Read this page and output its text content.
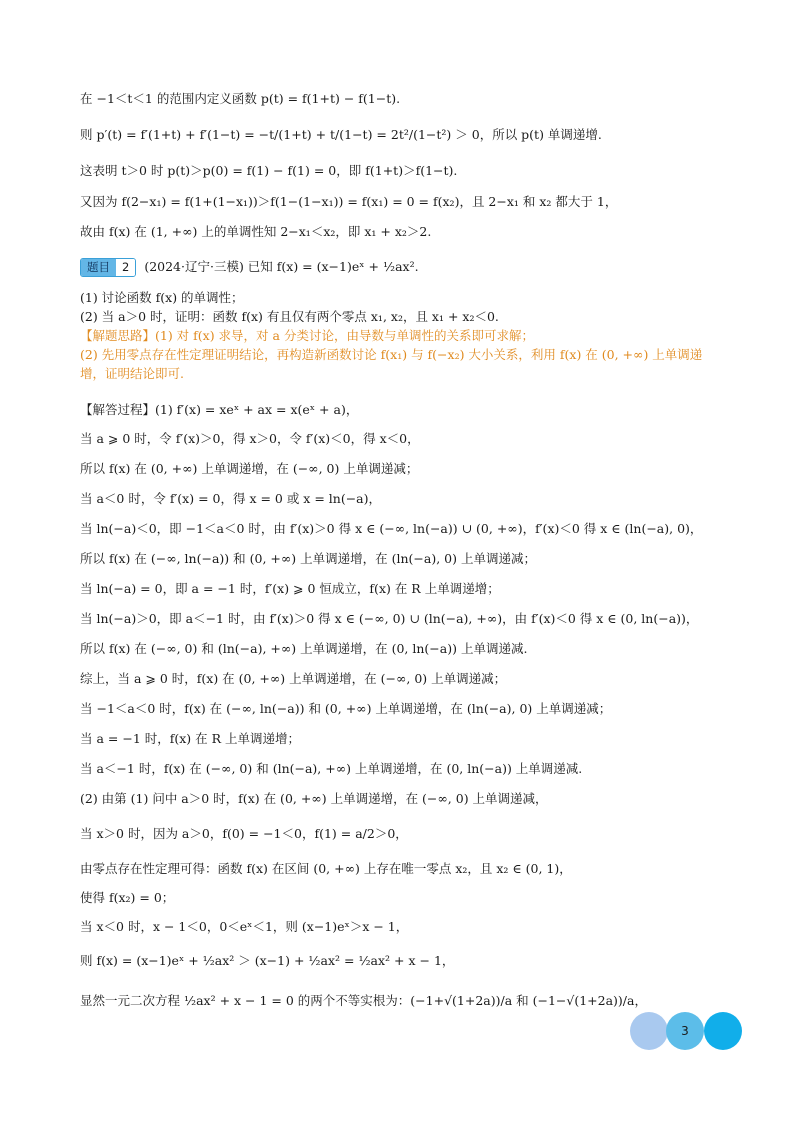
在 −1＜t＜1 的范围内定义函数 p(t) = f(1+t) − f(1−t).
则 p′(t) = f′(1+t) + f′(1−t) = −t/(1+t) + t/(1−t) = 2t²/(1−t²) ＞ 0，所以 p(t) 单调递增.
这表明 t＞0 时 p(t)＞p(0) = f(1) − f(1) = 0，即 f(1+t)＞f(1−t).
又因为 f(2−x₁) = f(1+(1−x₁))＞f(1−(1−x₁)) = f(x₁) = 0 = f(x₂)，且 2−x₁ 和 x₂ 都大于 1，
故由 f(x) 在 (1, +∞) 上的单调性知 2−x₁＜x₂，即 x₁ + x₂＞2.
题目	2	(2024·辽宁·三模) 已知 f(x) = (x−1)eˣ + ½ax².
(1) 讨论函数 f(x) 的单调性；
(2) 当 a＞0 时，证明：函数 f(x) 有且仅有两个零点 x₁, x₂，且 x₁ + x₂＜0.
【解题思路】(1) 对 f(x) 求导，对 a 分类讨论，由导数与单调性的关系即可求解；
(2) 先用零点存在性定理证明结论，再构造新函数讨论 f(x₁) 与 f(−x₂) 大小关系，利用 f(x) 在 (0, +∞) 上单调递
增，证明结论即可.
【解答过程】(1) f′(x) = xeˣ + ax = x(eˣ + a)，
当 a ⩾ 0 时，令 f′(x)＞0，得 x＞0，令 f′(x)＜0，得 x＜0，
所以 f(x) 在 (0, +∞) 上单调递增，在 (−∞, 0) 上单调递减；
当 a＜0 时，令 f′(x) = 0，得 x = 0 或 x = ln(−a)，
当 ln(−a)＜0，即 −1＜a＜0 时，由 f′(x)＞0 得 x ∈ (−∞, ln(−a)) ∪ (0, +∞)，f′(x)＜0 得 x ∈ (ln(−a), 0)，
所以 f(x) 在 (−∞, ln(−a)) 和 (0, +∞) 上单调递增，在 (ln(−a), 0) 上单调递减；
当 ln(−a) = 0，即 a = −1 时，f′(x) ⩾ 0 恒成立，f(x) 在 R 上单调递增；
当 ln(−a)＞0，即 a＜−1 时，由 f′(x)＞0 得 x ∈ (−∞, 0) ∪ (ln(−a), +∞)，由 f′(x)＜0 得 x ∈ (0, ln(−a))，
所以 f(x) 在 (−∞, 0) 和 (ln(−a), +∞) 上单调递增，在 (0, ln(−a)) 上单调递减.
综上，当 a ⩾ 0 时，f(x) 在 (0, +∞) 上单调递增，在 (−∞, 0) 上单调递减；
当 −1＜a＜0 时，f(x) 在 (−∞, ln(−a)) 和 (0, +∞) 上单调递增，在 (ln(−a), 0) 上单调递减；
当 a = −1 时，f(x) 在 R 上单调递增；
当 a＜−1 时，f(x) 在 (−∞, 0) 和 (ln(−a), +∞) 上单调递增，在 (0, ln(−a)) 上单调递减.
(2) 由第 (1) 问中 a＞0 时，f(x) 在 (0, +∞) 上单调递增，在 (−∞, 0) 上单调递减，
当 x＞0 时，因为 a＞0，f(0) = −1＜0，f(1) = a/2＞0，
由零点存在性定理可得：函数 f(x) 在区间 (0, +∞) 上存在唯一零点 x₂，且 x₂ ∈ (0, 1)，
使得 f(x₂) = 0；
当 x＜0 时，x − 1＜0，0＜eˣ＜1，则 (x−1)eˣ＞x − 1，
则 f(x) = (x−1)eˣ + ½ax² ＞ (x−1) + ½ax² = ½ax² + x − 1，
显然一元二次方程 ½ax² + x − 1 = 0 的两个不等实根为：(−1+√(1+2a))/a 和 (−1−√(1+2a))/a，
3
